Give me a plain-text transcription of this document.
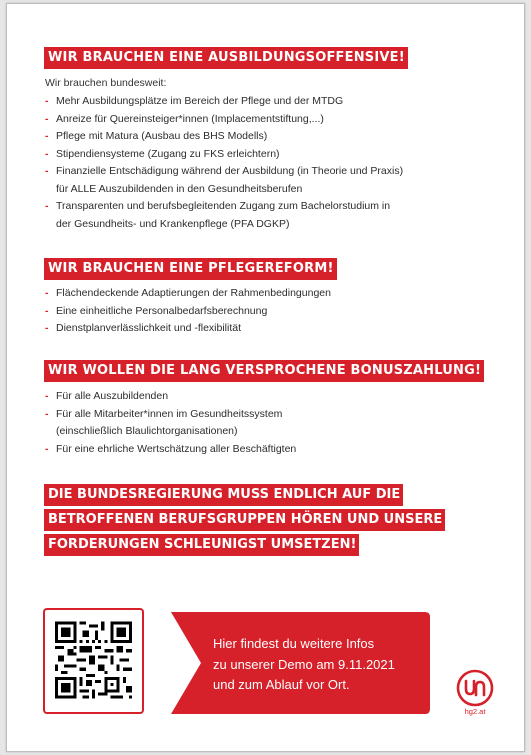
WIR BRAUCHEN EINE AUSBILDUNGSOFFENSIVE!
Wir brauchen bundesweit:
- Mehr Ausbildungsplätze im Bereich der Pflege und der MTDG
- Anreize für Quereinsteiger*innen (Implacementstiftung,...)
- Pflege mit Matura (Ausbau des BHS Modells)
- Stipendiensysteme (Zugang zu FKS erleichtern)
- Finanzielle Entschädigung während der Ausbildung (in Theorie und Praxis)
für ALLE Auszubildenden in den Gesundheitsberufen
- Transparenten und berufsbegleitenden Zugang zum Bachelorstudium in
der Gesundheits- und Krankenpflege (PFA DGKP)
WIR BRAUCHEN EINE PFLEGEREFORM!
- Flächendeckende Adaptierungen der Rahmenbedingungen
- Eine einheitliche Personalbedarfsberechnung
- Dienstplanverlässlichkeit und -flexibilität
WIR WOLLEN DIE LANG VERSPROCHENE BONUSZAHLUNG!
- Für alle Auszubildenden
- Für alle Mitarbeiter*innen im Gesundheitssystem
(einschließlich Blaulichtorganisationen)
- Für eine ehrliche Wertschätzung aller Beschäftigten
DIE BUNDESREGIERUNG MUSS ENDLICH AUF DIE
BETROFFENEN BERUFSGRUPPEN HÖREN UND UNSERE
FORDERUNGEN SCHLEUNIGST UMSETZEN!
Hier findest du weitere Infos
zu unserer Demo am 9.11.2021
und zum Ablauf vor Ort.
hg2.at
